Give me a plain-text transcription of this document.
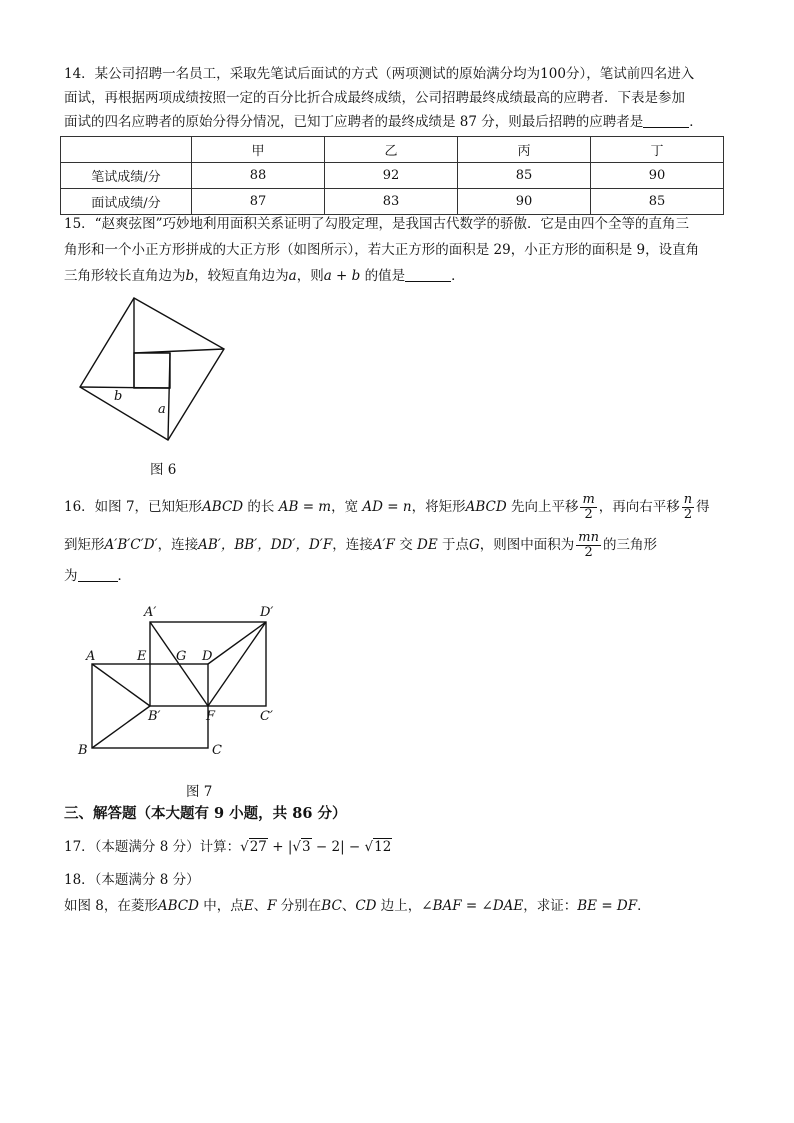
14．某公司招聘一名员工，采取先笔试后面试的方式（两项测试的原始满分均为100分），笔试前四名进入
面试，再根据两项成绩按照一定的百分比折合成最终成绩，公司招聘最终成绩最高的应聘者．下表是参加
面试的四名应聘者的原始分得分情况，已知丁应聘者的最终成绩是 87 分，则最后招聘的应聘者是	．
	甲	乙	丙	丁
笔试成绩/分	88	92	85	90
面试成绩/分	87	83	90	85
15．“赵爽弦图”巧妙地利用面积关系证明了勾股定理，是我国古代数学的骄傲．它是由四个全等的直角三
角形和一个小正方形拼成的大正方形（如图所示），若大正方形的面积是 29，小正方形的面积是 9，设直角
三角形较长直角边为b，较短直角边为a，则a + b 的值是	．
b
a
图 6
16．如图 7，已知矩形ABCD 的长 AB = m，宽 AD = n，将矩形ABCD 先向上平移 $\frac{m}{2}$ ，再向右平移 $\frac{n}{2}$ 得
到矩形A′B′C′D′，连接AB′，BB′，DD′，D′F，连接A′F 交 DE 于点G，则图中面积为 $\frac{mn}{2}$ 的三角形
为	．
A′	D′
A	E G D
B′	F	C′
B	C
图 7
三、解答题（本大题有 9 小题，共 86 分）
17．（本题满分 8 分）计算：√27 + |√3 − 2| − √12
18．（本题满分 8 分）
如图 8，在菱形ABCD 中，点E、F 分别在BC、CD 边上，∠BAF = ∠DAE，求证：BE = DF．
